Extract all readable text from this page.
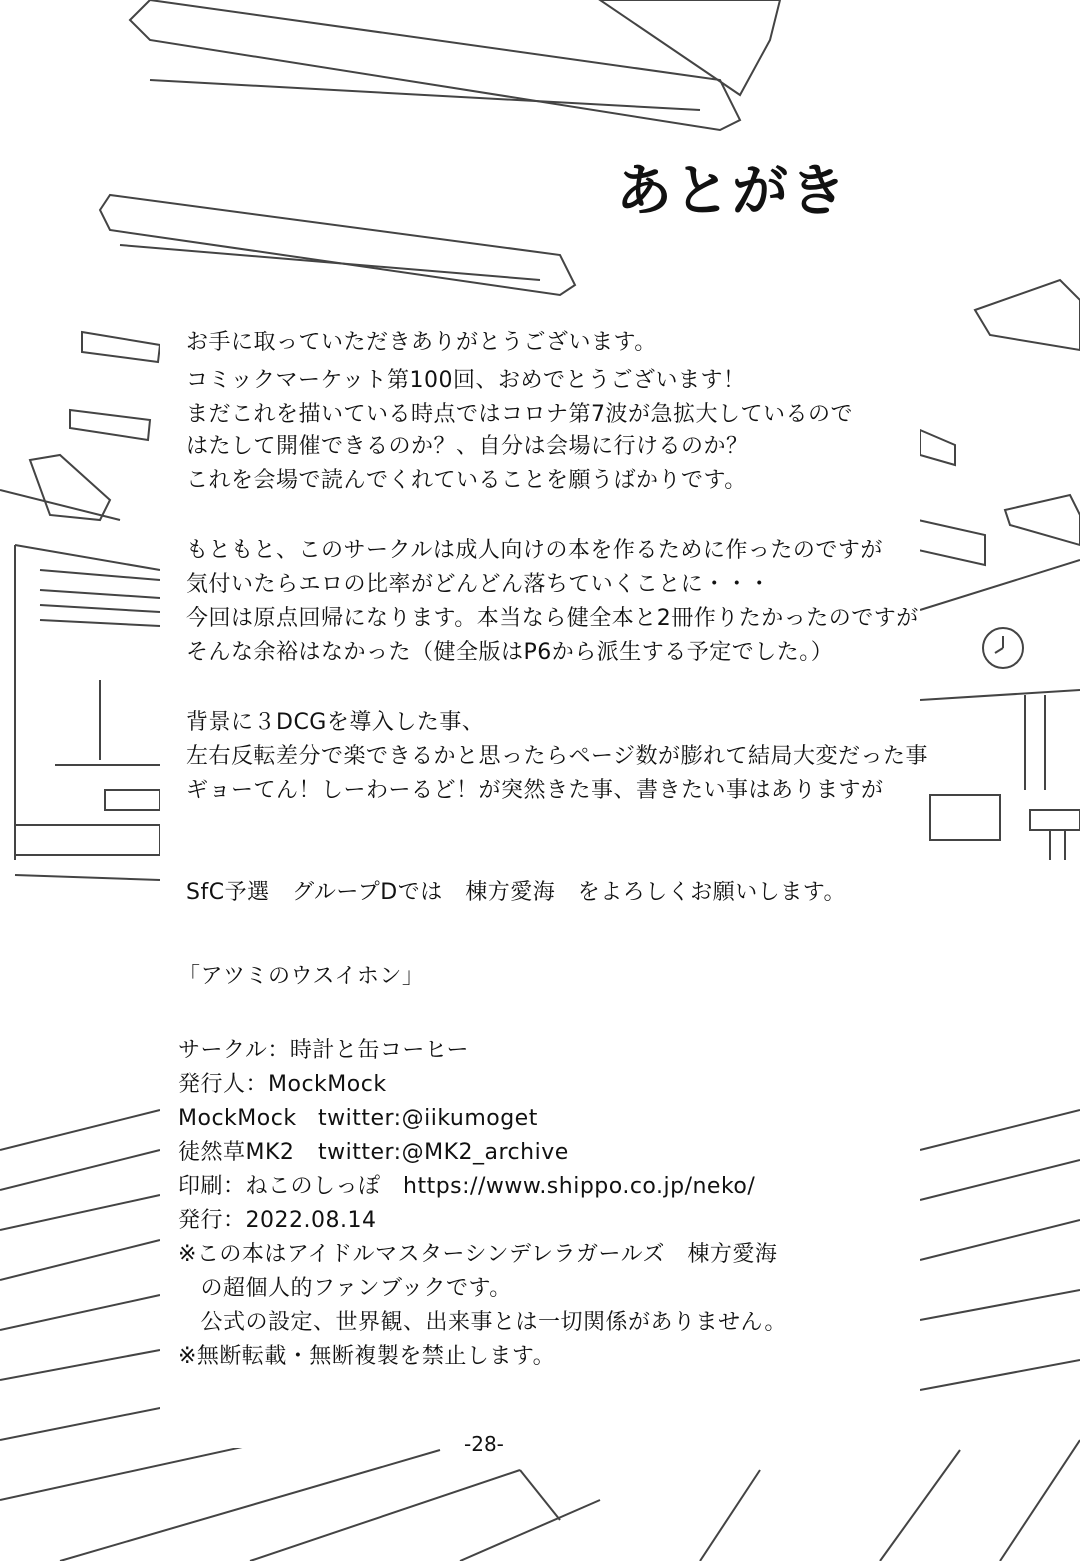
あとがき
お手に取っていただきありがとうございます。
コミックマーケット第100回、おめでとうございます！
まだこれを描いている時点ではコロナ第7波が急拡大しているので
はたして開催できるのか？、自分は会場に行けるのか？
これを会場で読んでくれていることを願うばかりです。
もともと、このサークルは成人向けの本を作るために作ったのですが
気付いたらエロの比率がどんどん落ちていくことに・・・
今回は原点回帰になります。本当なら健全本と2冊作りたかったのですが
そんな余裕はなかった（健全版はP6から派生する予定でした。）
背景に３DCGを導入した事、
左右反転差分で楽できるかと思ったらページ数が膨れて結局大変だった事
ギョーてん！しーわーるど！が突然きた事、書きたい事はありますが
SfC予選　グループDでは　棟方愛海　をよろしくお願いします。
「アツミのウスイホン」
サークル：時計と缶コーヒー
発行人：MockMock
MockMock twitter:@iikumoget
徒然草MK2 twitter:@MK2_archive
印刷：ねこのしっぽ　https://www.shippo.co.jp/neko/
発行：2022.08.14
※この本はアイドルマスターシンデレラガールズ　棟方愛海
　の超個人的ファンブックです。
　公式の設定、世界観、出来事とは一切関係がありません。
※無断転載・無断複製を禁止します。
-28-
